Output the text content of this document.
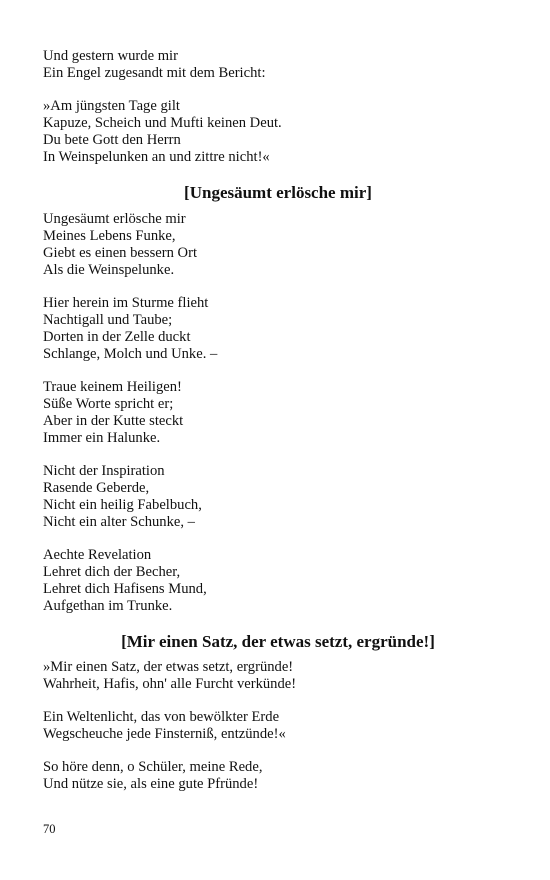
Und gestern wurde mir

Ein Engel zugesandt mit dem Bericht:

»Am jüngsten Tage gilt

Kapuze, Scheich und Mufti keinen Deut.

Du bete Gott den Herrn

In Weinspelunken an und zittre nicht!«

[Ungesäumt erlösche mir]

Ungesäumt erlösche mir

Meines Lebens Funke,

Giebt es einen bessern Ort

Als die Weinspelunke.

Hier herein im Sturme flieht

Nachtigall und Taube;

Dorten in der Zelle duckt

Schlange, Molch und Unke. –

Traue keinem Heiligen!

Süße Worte spricht er;

Aber in der Kutte steckt

Immer ein Halunke.

Nicht der Inspiration

Rasende Geberde,

Nicht ein heilig Fabelbuch,

Nicht ein alter Schunke, –

Aechte Revelation

Lehret dich der Becher,

Lehret dich Hafisens Mund,

Aufgethan im Trunke.

[Mir einen Satz, der etwas setzt, ergründe!]

»Mir einen Satz, der etwas setzt, ergründe!

Wahrheit, Hafis, ohn' alle Furcht verkünde!

Ein Weltenlicht, das von bewölkter Erde

Wegscheuche jede Finsterniß, entzünde!«

So höre denn, o Schüler, meine Rede,

Und nütze sie, als eine gute Pfründe!

70
